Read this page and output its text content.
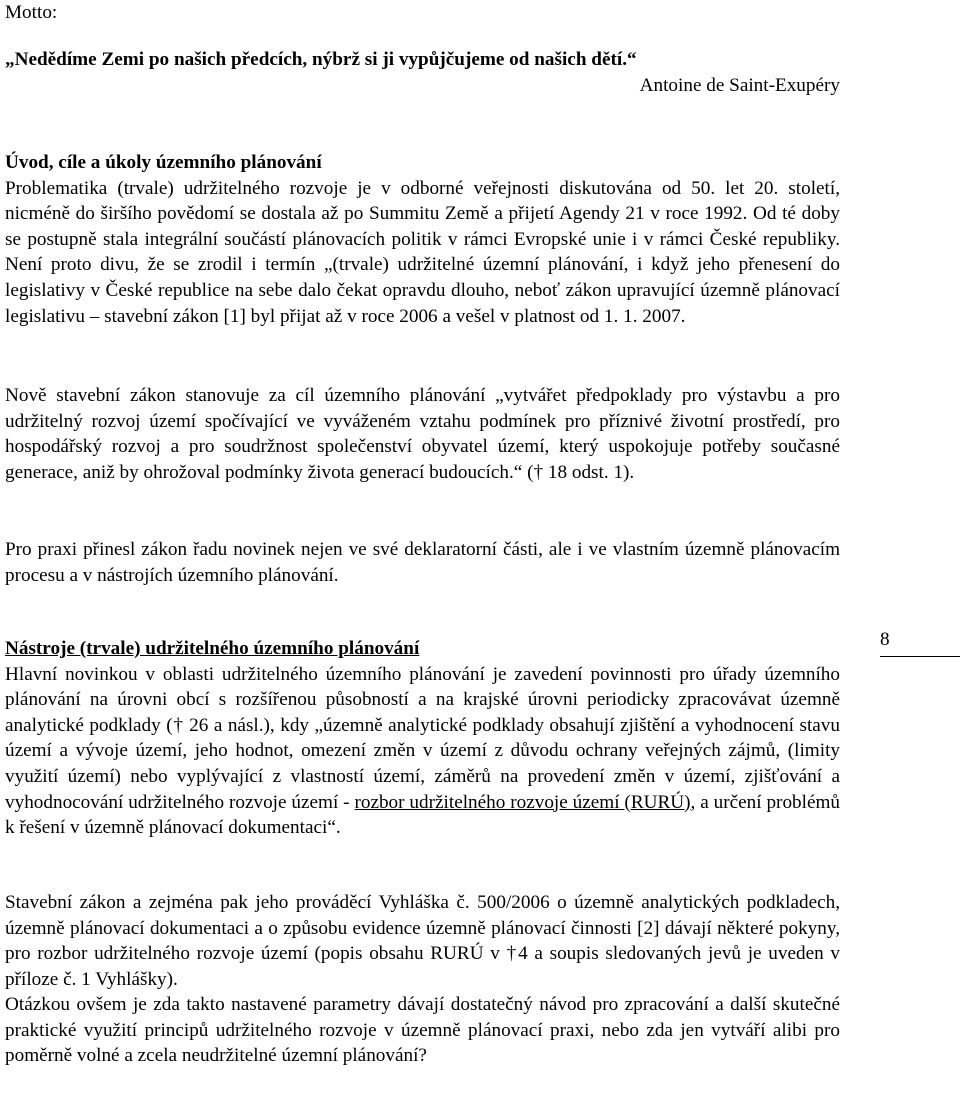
Motto:
„Nedědíme Zemi po našich předcích, nýbrž si ji vypůjčujeme od našich dětí.“
Antoine de Saint-Exupéry
Úvod, cíle a úkoly územního plánování

Problematika (trvale) udržitelného rozvoje je v odborné veřejnosti diskutována od 50. let 20. století, nicméně do širšího povědomí se dostala až po Summitu Země a přijetí Agendy 21 v roce 1992. Od té doby se postupně stala integrální součástí plánovacích politik v rámci Evropské unie i v rámci České republiky. Není proto divu, že se zrodil i termín „(trvale) udržitelné územní plánování, i když jeho přenesení do legislativy v České republice na sebe dalo čekat opravdu dlouho, neboť zákon upravující územně plánovací legislativu – stavební zákon [1] byl přijat až v roce 2006 a vešel v platnost od 1. 1. 2007.

Nově stavební zákon stanovuje za cíl územního plánování „vytvářet předpoklady pro výstavbu a pro udržitelný rozvoj území spočívající ve vyváženém vztahu podmínek pro příznivé životní prostředí, pro hospodářský rozvoj a pro soudržnost společenství obyvatel území, který uspokojuje potřeby současné generace, aniž by ohrožoval podmínky života generací budoucích.“ († 18 odst. 1).

Pro praxi přinesl zákon řadu novinek nejen ve své deklaratorní části, ale i ve vlastním územně plánovacím procesu a v nástrojích územního plánování.

Nástroje (trvale) udržitelného územního plánování

Hlavní novinkou v oblasti udržitelného územního plánování je zavedení povinnosti pro úřady územního plánování na úrovni obcí s rozšířenou působností a na krajské úrovni periodicky zpracovávat územně analytické podklady († 26 a násl.), kdy „územně analytické podklady obsahují zjištění a vyhodnocení stavu území a vývoje území, jeho hodnot, omezení změn v území z důvodu ochrany veřejných zájmů, (limity využití území) nebo vyplývající z vlastností území, záměrů na provedení změn v území, zjišťování a vyhodnocování udržitelného rozvoje území - rozbor udržitelného rozvoje území (RURÚ), a určení problémů k řešení v územně plánovací dokumentaci“.

Stavební zákon a zejména pak jeho prováděcí Vyhláška č. 500/2006 o územně analytických podkladech, územně plánovací dokumentaci a o způsobu evidence územně plánovací činnosti [2] dávají některé pokyny, pro rozbor udržitelného rozvoje území (popis obsahu RURÚ v †4 a soupis sledovaných jevů je uveden v příloze č. 1 Vyhlášky).

Otázkou ovšem je zda takto nastavené parametry dávají dostatečný návod pro zpracování a další skutečné praktické využití principů udržitelného rozvoje v územně plánovací praxi, nebo zda jen vytváří alibi pro poměrně volné a zcela neudržitelné územní plánování?

8
